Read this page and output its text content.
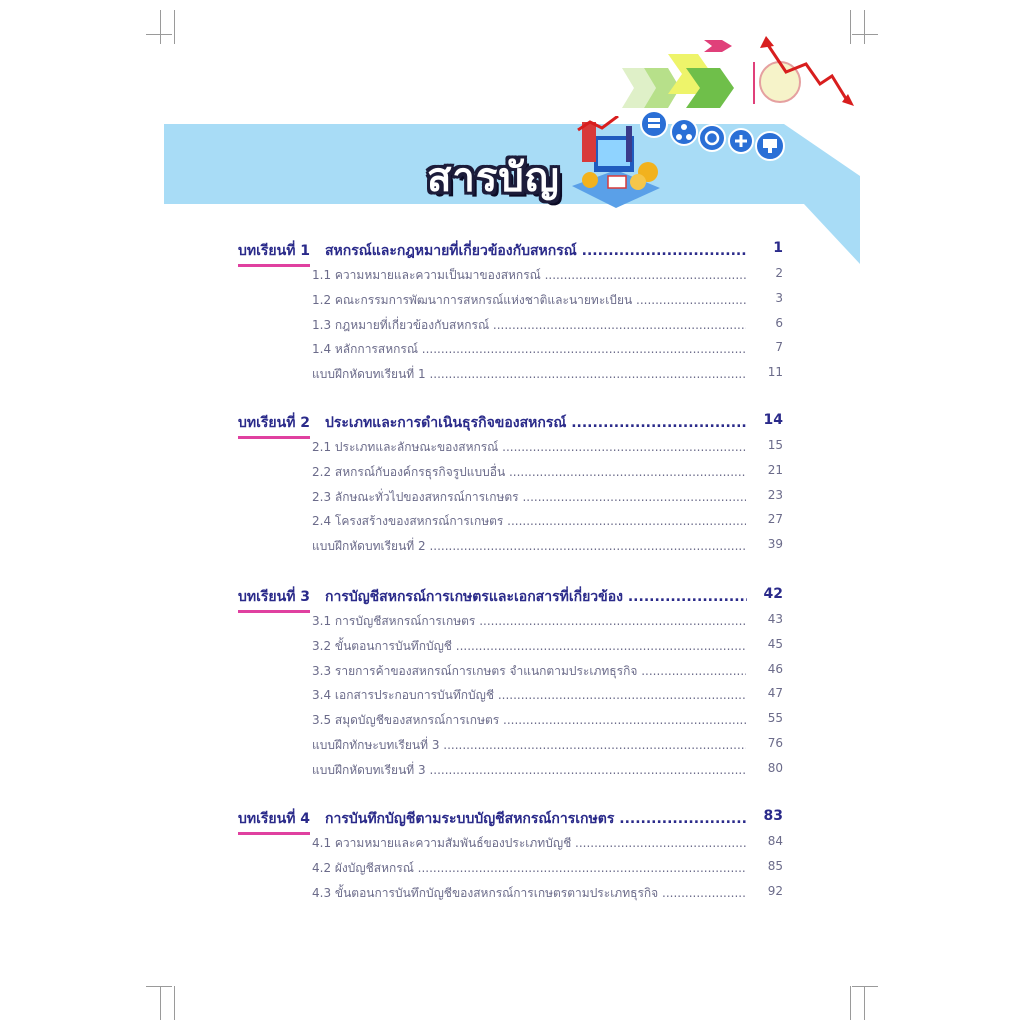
สารบัญ
บทเรียนที่ 1 สหกรณ์และกฎหมายที่เกี่ยวข้องกับสหกรณ์ .....	1
1.1 ความหมายและความเป็นมาของสหกรณ์ .....	2
1.2 คณะกรรมการพัฒนาการสหกรณ์แห่งชาติและนายทะเบียน .....	3
1.3 กฎหมายที่เกี่ยวข้องกับสหกรณ์ .....	6
1.4 หลักการสหกรณ์ .....	7
แบบฝึกหัดบทเรียนที่ 1 .....	11
บทเรียนที่ 2 ประเภทและการดำเนินธุรกิจของสหกรณ์ .....	14
2.1 ประเภทและลักษณะของสหกรณ์ .....	15
2.2 สหกรณ์กับองค์กรธุรกิจรูปแบบอื่น .....	21
2.3 ลักษณะทั่วไปของสหกรณ์การเกษตร .....	23
2.4 โครงสร้างของสหกรณ์การเกษตร .....	27
แบบฝึกหัดบทเรียนที่ 2 .....	39
บทเรียนที่ 3 การบัญชีสหกรณ์การเกษตรและเอกสารที่เกี่ยวข้อง .....	42
3.1 การบัญชีสหกรณ์การเกษตร .....	43
3.2 ขั้นตอนการบันทึกบัญชี .....	45
3.3 รายการค้าของสหกรณ์การเกษตร จำแนกตามประเภทธุรกิจ .....	46
3.4 เอกสารประกอบการบันทึกบัญชี .....	47
3.5 สมุดบัญชีของสหกรณ์การเกษตร .....	55
แบบฝึกทักษะบทเรียนที่ 3 .....	76
แบบฝึกหัดบทเรียนที่ 3 .....	80
บทเรียนที่ 4 การบันทึกบัญชีตามระบบบัญชีสหกรณ์การเกษตร .....	83
4.1 ความหมายและความสัมพันธ์ของประเภทบัญชี .....	84
4.2 ผังบัญชีสหกรณ์ .....	85
4.3 ขั้นตอนการบันทึกบัญชีของสหกรณ์การเกษตรตามประเภทธุรกิจ .....	92
